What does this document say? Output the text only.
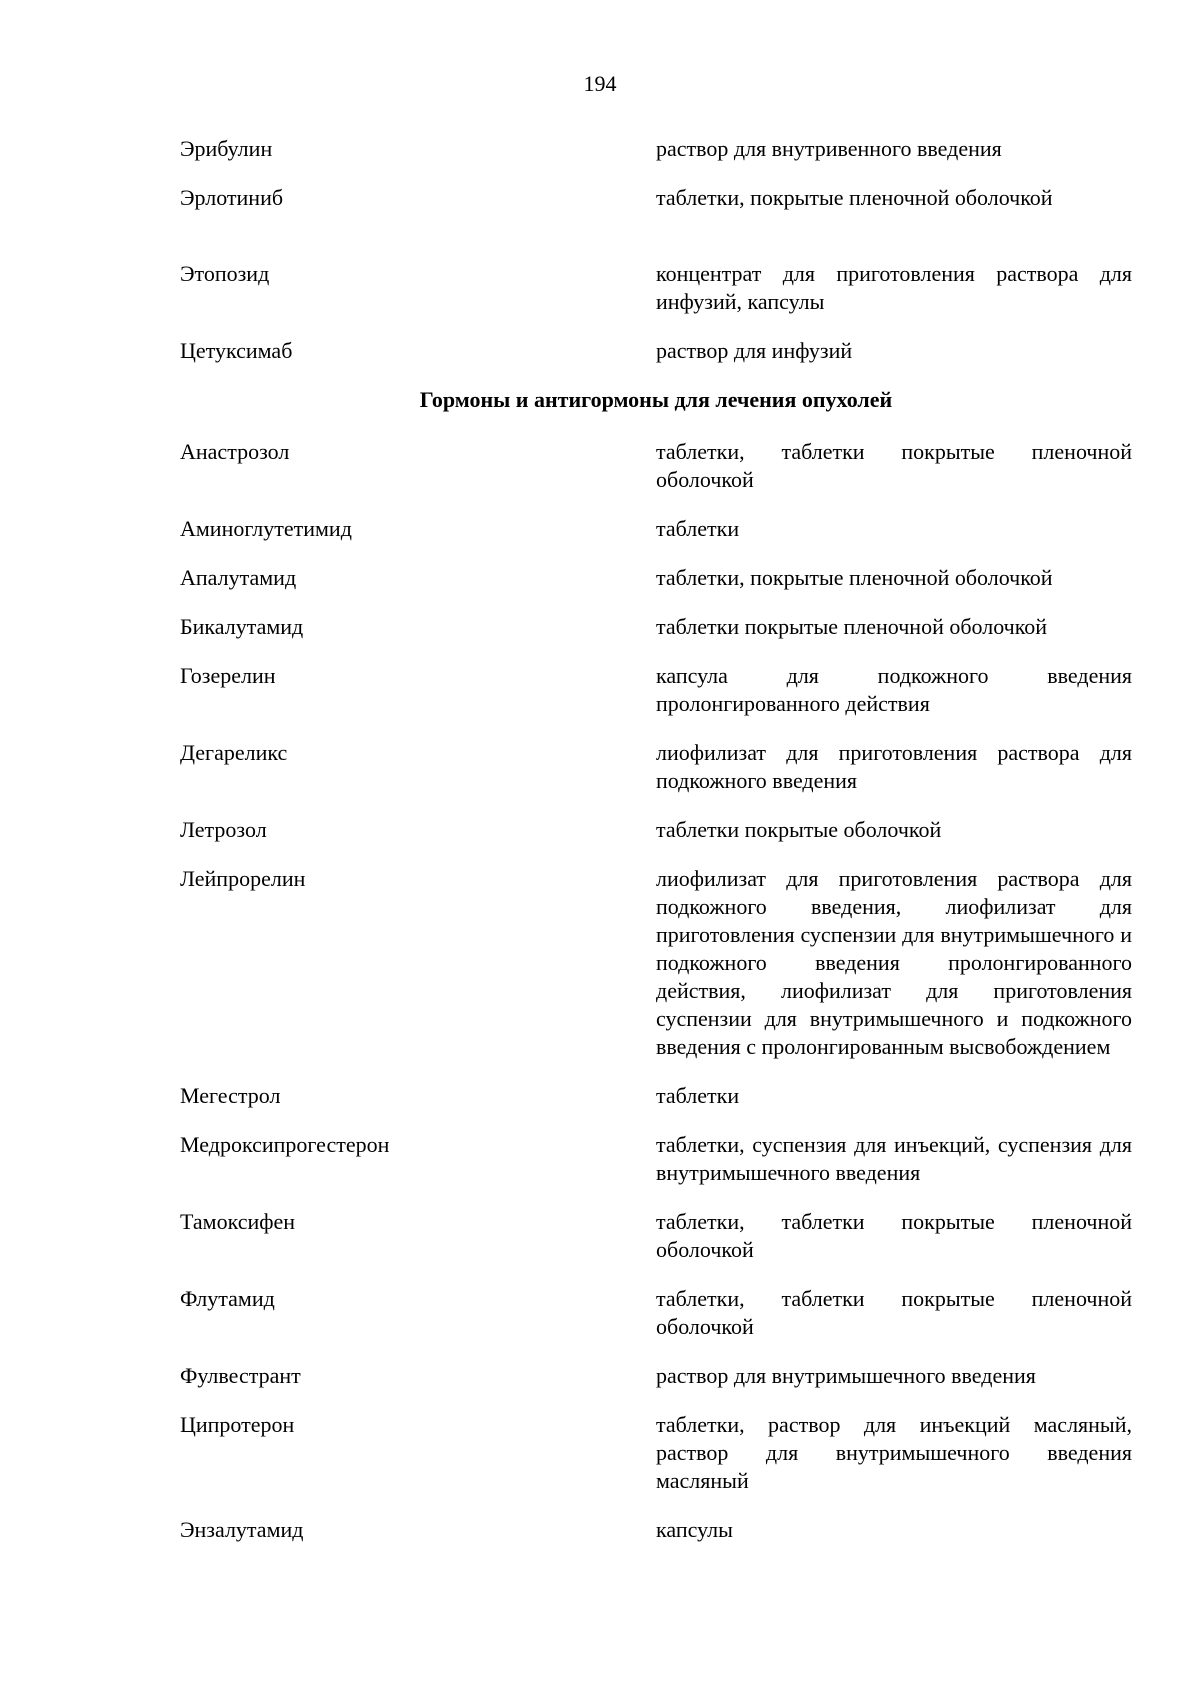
194
Эрибулин	раствор для внутривенного введения
Эрлотиниб	таблетки, покрытые пленочной оболочкой
Этопозид	концентрат для приготовления раствора для инфузий, капсулы
Цетуксимаб	раствор для инфузий
Гормоны и антигормоны для лечения опухолей
Анастрозол	таблетки, таблетки покрытые пленочной оболочкой
Аминоглутетимид	таблетки
Апалутамид	таблетки, покрытые пленочной оболочкой
Бикалутамид	таблетки покрытые пленочной оболочкой
Гозерелин	капсула для подкожного введения пролонгированного действия
Дегареликс	лиофилизат для приготовления раствора для подкожного введения
Летрозол	таблетки покрытые оболочкой
Лейпрорелин	лиофилизат для приготовления раствора для подкожного введения, лиофилизат для приготовления суспензии для внутримышечного и подкожного введения пролонгированного действия, лиофилизат для приготовления суспензии для внутримышечного и подкожного введения с пролонгированным высвобождением
Мегестрол	таблетки
Медроксипрогестерон	таблетки, суспензия для инъекций, суспензия для внутримышечного введения
Тамоксифен	таблетки, таблетки покрытые пленочной оболочкой
Флутамид	таблетки, таблетки покрытые пленочной оболочкой
Фулвестрант	раствор для внутримышечного введения
Ципротерон	таблетки, раствор для инъекций масляный, раствор для внутримышечного введения масляный
Энзалутамид	капсулы
